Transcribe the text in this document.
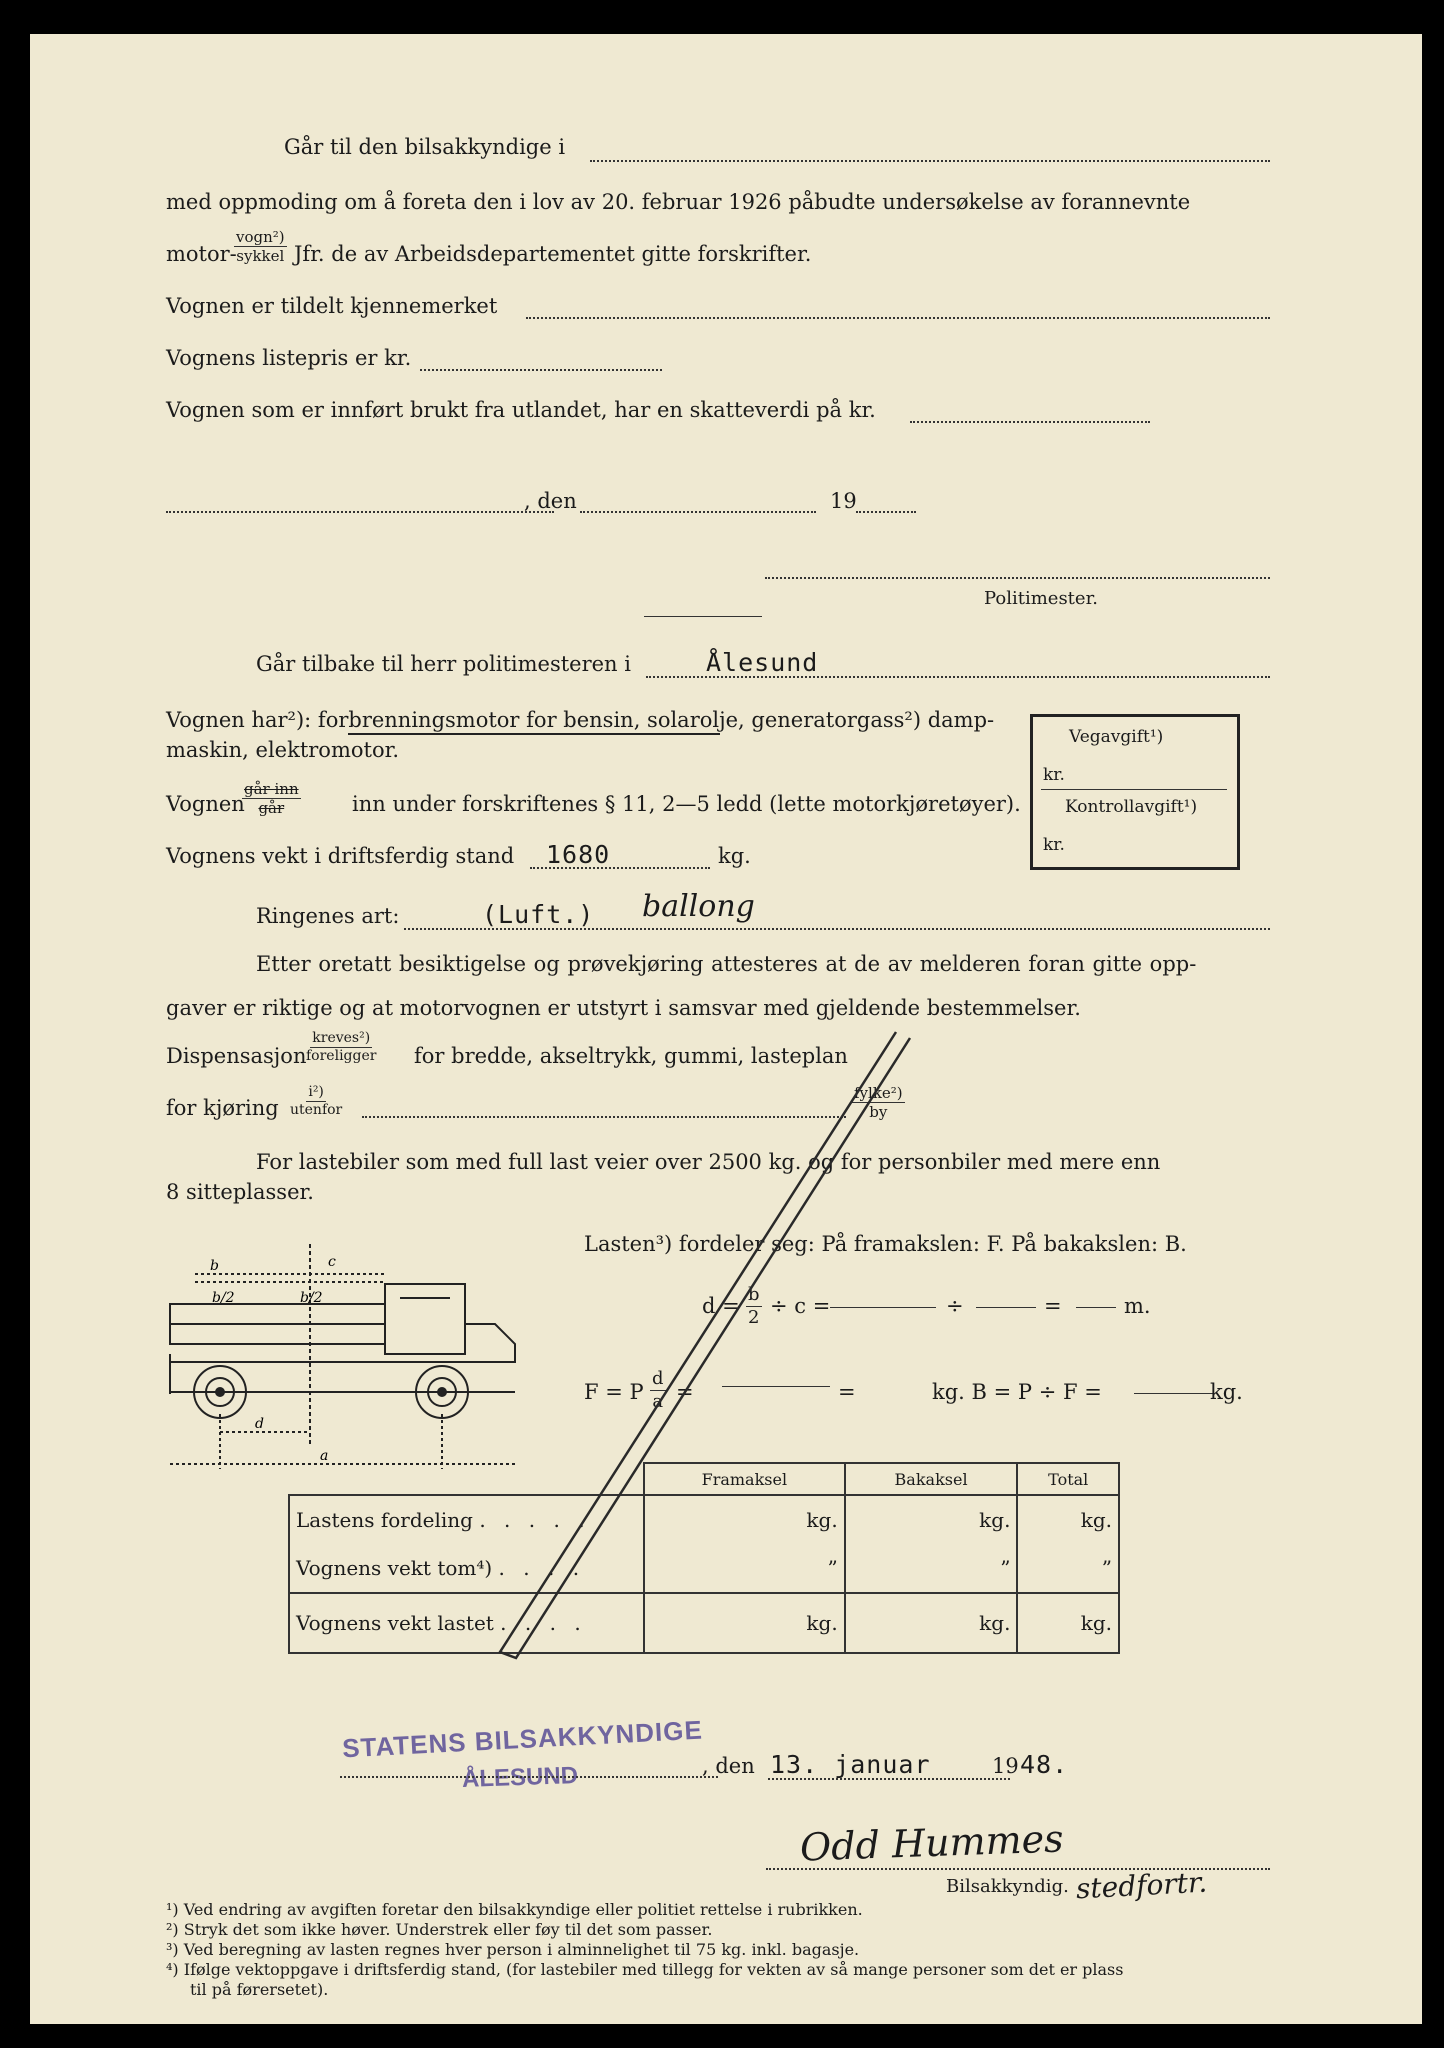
Går til den bilsakkyndige i
med oppmoding om å foreta den i lov av 20. februar 1926 påbudte undersøkelse av forannevnte
motor-
vogn²)
sykkel Jfr. de av Arbeidsdepartementet gitte forskrifter.
Vognen er tildelt kjennemerket
Vognens listepris er kr.
Vognen som er innført brukt fra utlandet, har en skatteverdi på kr.
, den	19
Politimester.
Går tilbake til herr politimesteren i	Ålesund
Vognen har²): forbrenningsmotor for bensin, solarolje, generatorgass²) damp-
maskin, elektromotor.
Vognen
går inn
går	inn under forskriftenes § 11, 2—5 ledd (lette motorkjøretøyer).
Vognens vekt i driftsferdig stand 1680	kg.
Vegavgift¹)
kr.
Kontrollavgift¹)
kr.
Ringenes art:	(Luft.) ballong
Etter oretatt besiktigelse og prøvekjøring attesteres at de av melderen foran gitte opp-
gaver er riktige og at motorvognen er utstyrt i samsvar med gjeldende bestemmelser.
Dispensasjon
kreves²)
foreligger for bredde, akseltrykk, gummi, lasteplan
for kjøring
i²)
utenfor
fylke²)
by
For lastebiler som med full last veier over 2500 kg. og for personbiler med mere enn
8 sitteplasser.
b
b/2	b/2
c
d
a
Lasten³) fordeler seg: På framakslen: F. På bakakslen: B.
$d = \frac{b}{2} \div c$ =	÷	=	m.
F = P $\frac{d}{a}$ =	=	kg. B = P ÷ F =	kg.
	Framaksel	Bakaksel	Total
Lastens fordeling . . . . .	kg.	kg.	kg.
Vognens vekt tom⁴) . . . .	”	”	”
Vognens vekt lastet . . . .	kg.	kg.	kg.
STATENS BILSAKKYNDIGE
ÅLESUND	, den 13. januar	19 48.
Odd Hummes
Bilsakkyndig. stedfortr.
¹) Ved endring av avgiften foretar den bilsakkyndige eller politiet rettelse i rubrikken.
²) Stryk det som ikke høver. Understrek eller føy til det som passer.
³) Ved beregning av lasten regnes hver person i alminnelighet til 75 kg. inkl. bagasje.
⁴) Ifølge vektoppgave i driftsferdig stand, (for lastebiler med tillegg for vekten av så mange personer som det er plass
til på førersetet).
